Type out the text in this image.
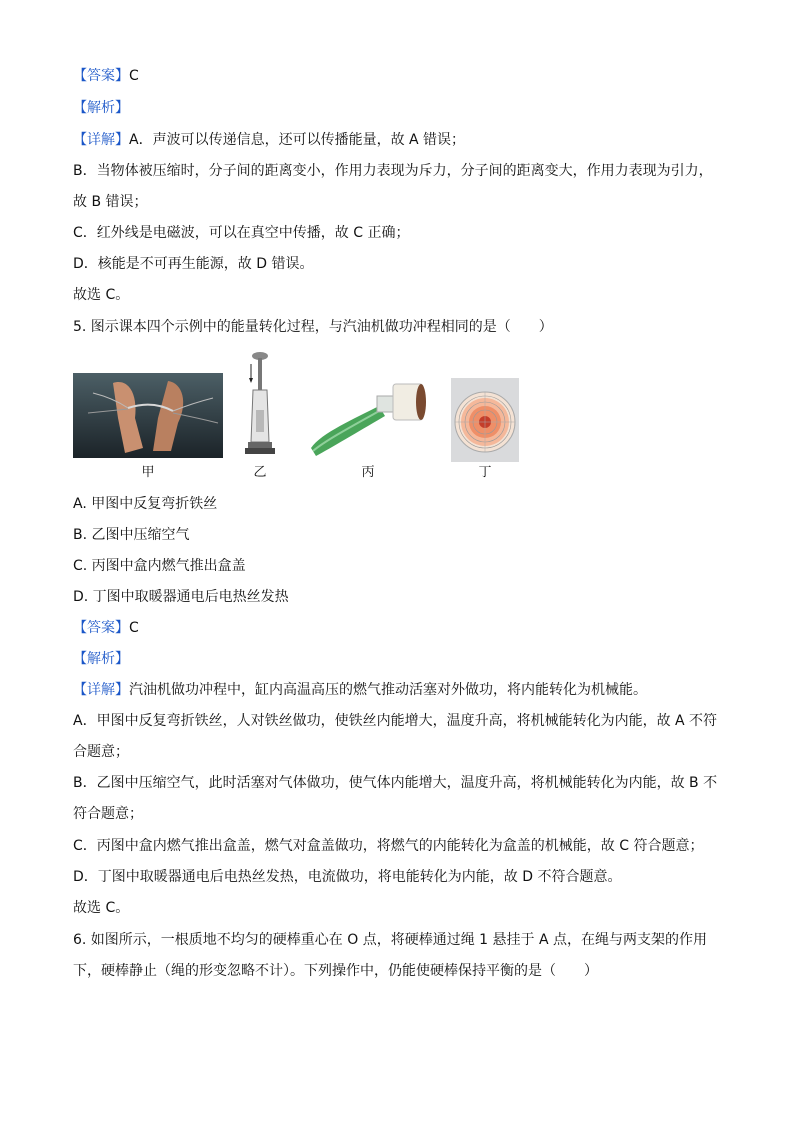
【答案】C
【解析】
【详解】A．声波可以传递信息，还可以传播能量，故 A 错误；
B．当物体被压缩时，分子间的距离变小，作用力表现为斥力，分子间的距离变大，作用力表现为引力，
故 B 错误；
C．红外线是电磁波，可以在真空中传播，故 C 正确；
D．核能是不可再生能源，故 D 错误。
故选 C。
5. 图示课本四个示例中的能量转化过程，与汽油机做功冲程相同的是（　　）
甲	乙	丙	丁
A. 甲图中反复弯折铁丝
B. 乙图中压缩空气
C. 丙图中盒内燃气推出盒盖
D. 丁图中取暖器通电后电热丝发热
【答案】C
【解析】
【详解】汽油机做功冲程中，缸内高温高压的燃气推动活塞对外做功，将内能转化为机械能。
A．甲图中反复弯折铁丝，人对铁丝做功，使铁丝内能增大，温度升高，将机械能转化为内能，故 A 不符
合题意；
B．乙图中压缩空气，此时活塞对气体做功，使气体内能增大，温度升高，将机械能转化为内能，故 B 不
符合题意；
C．丙图中盒内燃气推出盒盖，燃气对盒盖做功，将燃气的内能转化为盒盖的机械能，故 C 符合题意；
D．丁图中取暖器通电后电热丝发热，电流做功，将电能转化为内能，故 D 不符合题意。
故选 C。
6. 如图所示，一根质地不均匀的硬棒重心在 O 点，将硬棒通过绳 1 悬挂于 A 点，在绳与两支架的作用
下，硬棒静止（绳的形变忽略不计）。下列操作中，仍能使硬棒保持平衡的是（　　）
